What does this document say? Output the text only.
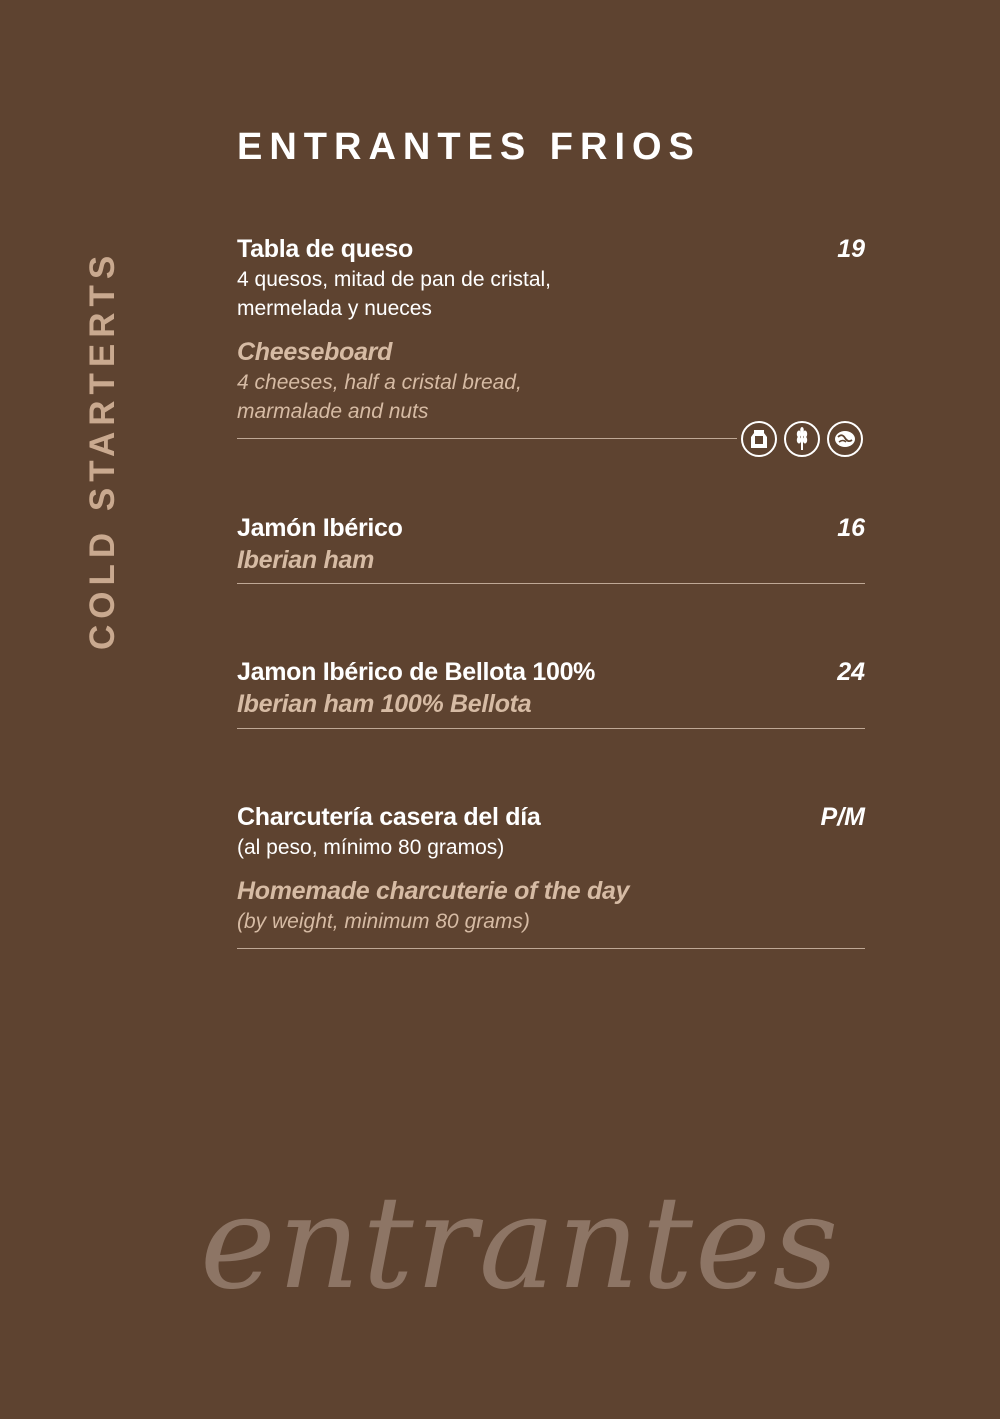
ENTRANTES FRIOS
COLD STARTERTS
Tabla de queso	19
4 quesos, mitad de pan de cristal,
mermelada y nueces
Cheeseboard
4 cheeses, half a cristal bread,
marmalade and nuts
Jamón Ibérico	16
Iberian ham
Jamon Ibérico de Bellota 100%	24
Iberian ham 100% Bellota
Charcutería casera del día	P/M
(al peso, mínimo 80 gramos)
Homemade charcuterie of the day
(by weight, minimum 80 grams)
entrantes
